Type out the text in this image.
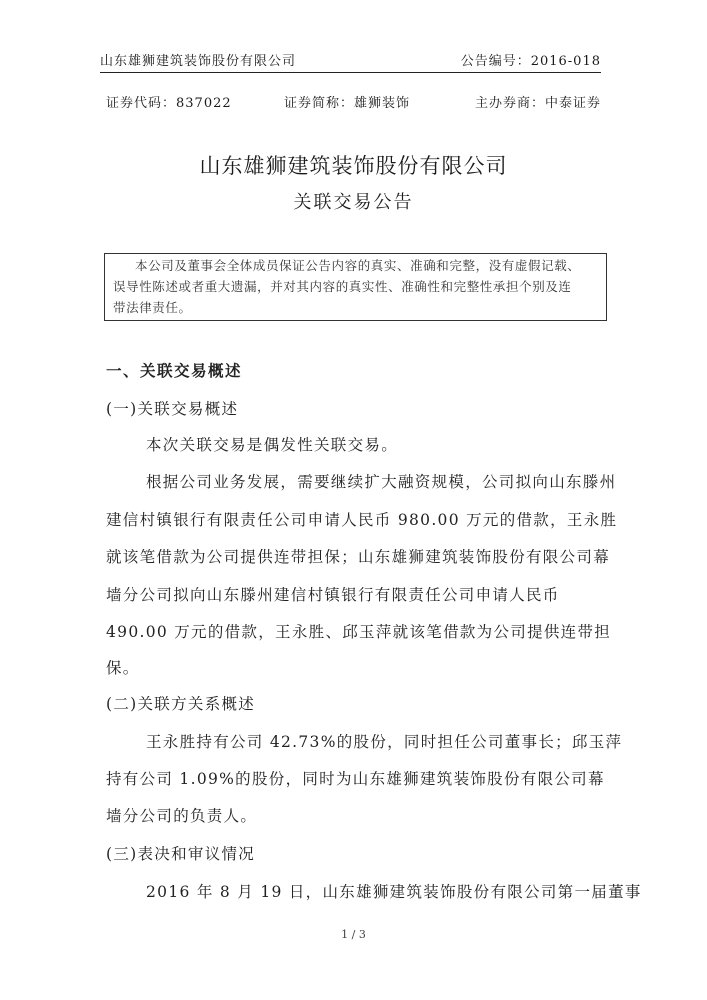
山东雄狮建筑装饰股份有限公司	公告编号：2016-018
证券代码：837022	证券简称：雄狮装饰	主办券商：中泰证券
山东雄狮建筑装饰股份有限公司
关联交易公告
本公司及董事会全体成员保证公告内容的真实、准确和完整，没有虚假记载、
误导性陈述或者重大遗漏，并对其内容的真实性、准确性和完整性承担个别及连
带法律责任。
一、关联交易概述
(一)关联交易概述
本次关联交易是偶发性关联交易。
根据公司业务发展，需要继续扩大融资规模，公司拟向山东滕州
建信村镇银行有限责任公司申请人民币 980.00 万元的借款，王永胜
就该笔借款为公司提供连带担保；山东雄狮建筑装饰股份有限公司幕
墙分公司拟向山东滕州建信村镇银行有限责任公司申请人民币
490.00 万元的借款，王永胜、邱玉萍就该笔借款为公司提供连带担
保。
(二)关联方关系概述
王永胜持有公司 42.73%的股份，同时担任公司董事长；邱玉萍
持有公司 1.09%的股份，同时为山东雄狮建筑装饰股份有限公司幕
墙分公司的负责人。
(三)表决和审议情况
2016 年 8 月 19 日，山东雄狮建筑装饰股份有限公司第一届董事
1 / 3
